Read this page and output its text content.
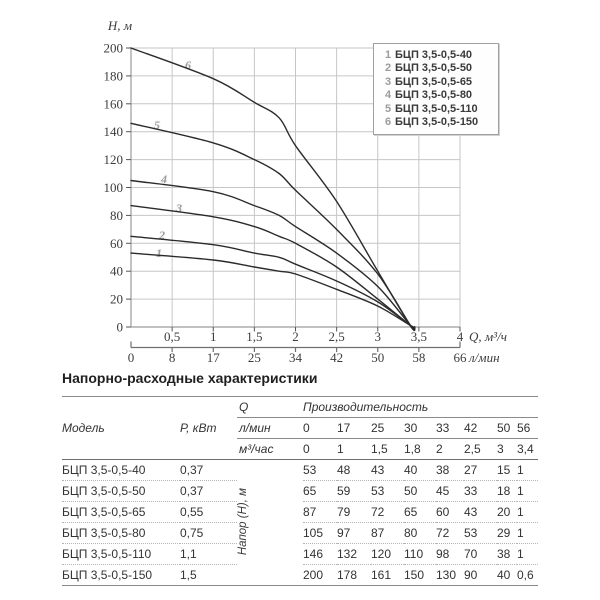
0
20
40
60
80
100
120
140
160
180
200
0,5 1 1,5 2 2,5 3 3,5 4
Н, м
Q, м³/ч
л/мин
0	8 17 25 34 42 50 58 66
1
2
3
4
5
6
1 БЦП 3,5-0,5-40
2 БЦП 3,5-0,5-50
3 БЦП 3,5-0,5-65
4 БЦП 3,5-0,5-80
5 БЦП 3,5-0,5-110
6 БЦП 3,5-0,5-150
Напорно-расходные характеристики
Модель	Р, кВт	Q	Производительность							
		л/мин	0	17	25	30	33	42	50	56
		м³/час	0	1	1,5	1,8	2	2,5	3	3,4
БЦП 3,5-0,5-40	0,37	Напор (Н), м	53	48	43	40	38	27	15	1
БЦП 3,5-0,5-50	0,37		65	59	53	50	45	33	18	1
БЦП 3,5-0,5-65	0,55		87	79	72	65	60	43	20	1
БЦП 3,5-0,5-80	0,75		105	97	87	80	72	53	29	1
БЦП 3,5-0,5-110	1,1		146	132	120	110	98	70	38	1
БЦП 3,5-0,5-150	1,5		200	178	161	150	130	90	40	0,6
